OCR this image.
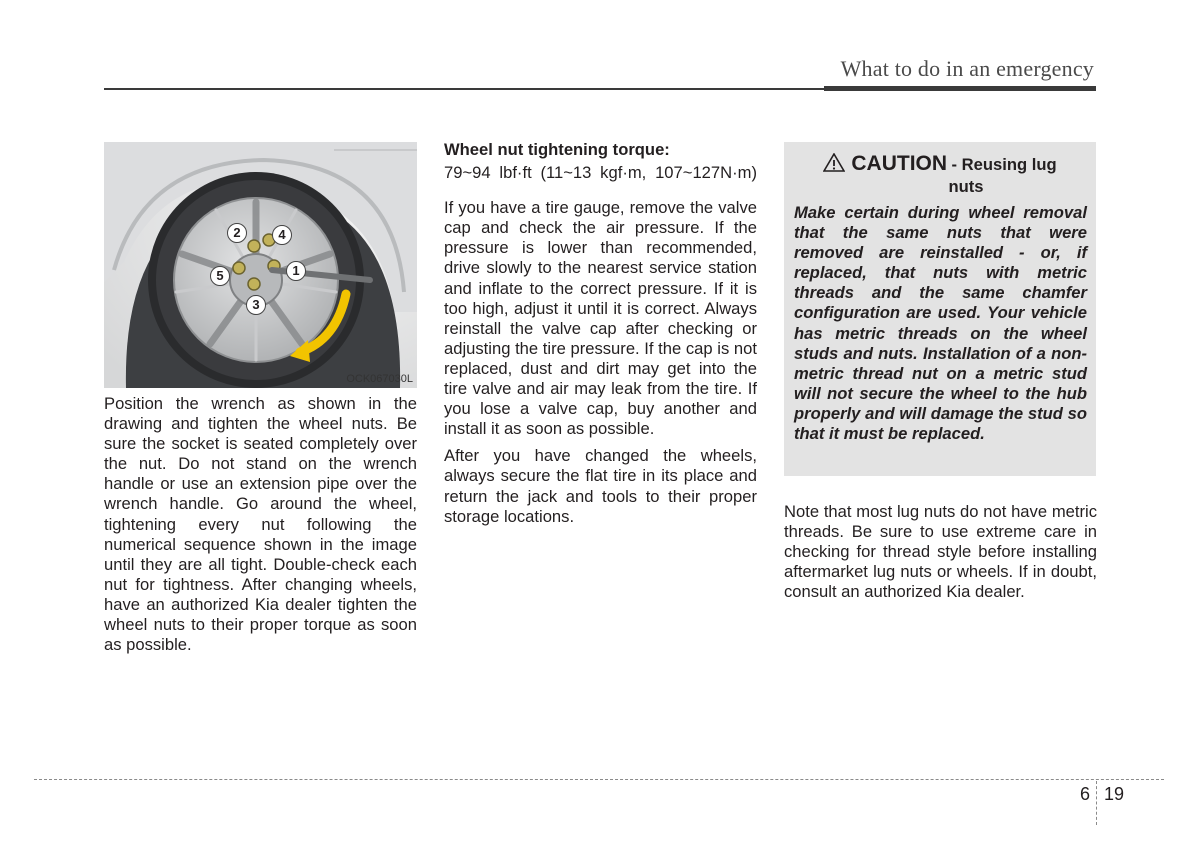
What to do in an emergency
1
2
3
4
5
OCK067030L

Position the wrench as shown in the drawing and tighten the wheel nuts. Be sure the socket is seated completely over the nut. Do not stand on the wrench handle or use an extension pipe over the wrench handle. Go around the wheel, tightening every nut following the numerical sequence shown in the image until they are all tight. Double-check each nut for tightness. After changing wheels, have an authorized Kia dealer tighten the wheel nuts to their proper torque as soon as possible.

Wheel nut tightening torque:

79~94 lbf·ft (11~13 kgf·m, 107~127N·m)

If you have a tire gauge, remove the valve cap and check the air pressure. If the pressure is lower than recommended, drive slowly to the nearest service station and inflate to the correct pressure. If it is too high, adjust it until it is correct. Always reinstall the valve cap after checking or adjusting the tire pressure. If the cap is not replaced, dust and dirt may get into the tire valve and air may leak from the tire. If you lose a valve cap, buy another and install it as soon as possible.

After you have changed the wheels, always secure the flat tire in its place and return the jack and tools to their proper storage locations.

CAUTION - Reusing lug
nuts
Make certain during wheel removal that the same nuts that were removed are reinstalled - or, if replaced, that nuts with metric threads and the same chamfer configuration are used. Your vehicle has metric threads on the wheel studs and nuts. Installation of a non-metric thread nut on a metric stud will not secure the wheel to the hub properly and will damage the stud so that it must be replaced.

Note that most lug nuts do not have metric threads. Be sure to use extreme care in checking for thread style before installing aftermarket lug nuts or wheels. If in doubt, consult an authorized Kia dealer.

6 19
